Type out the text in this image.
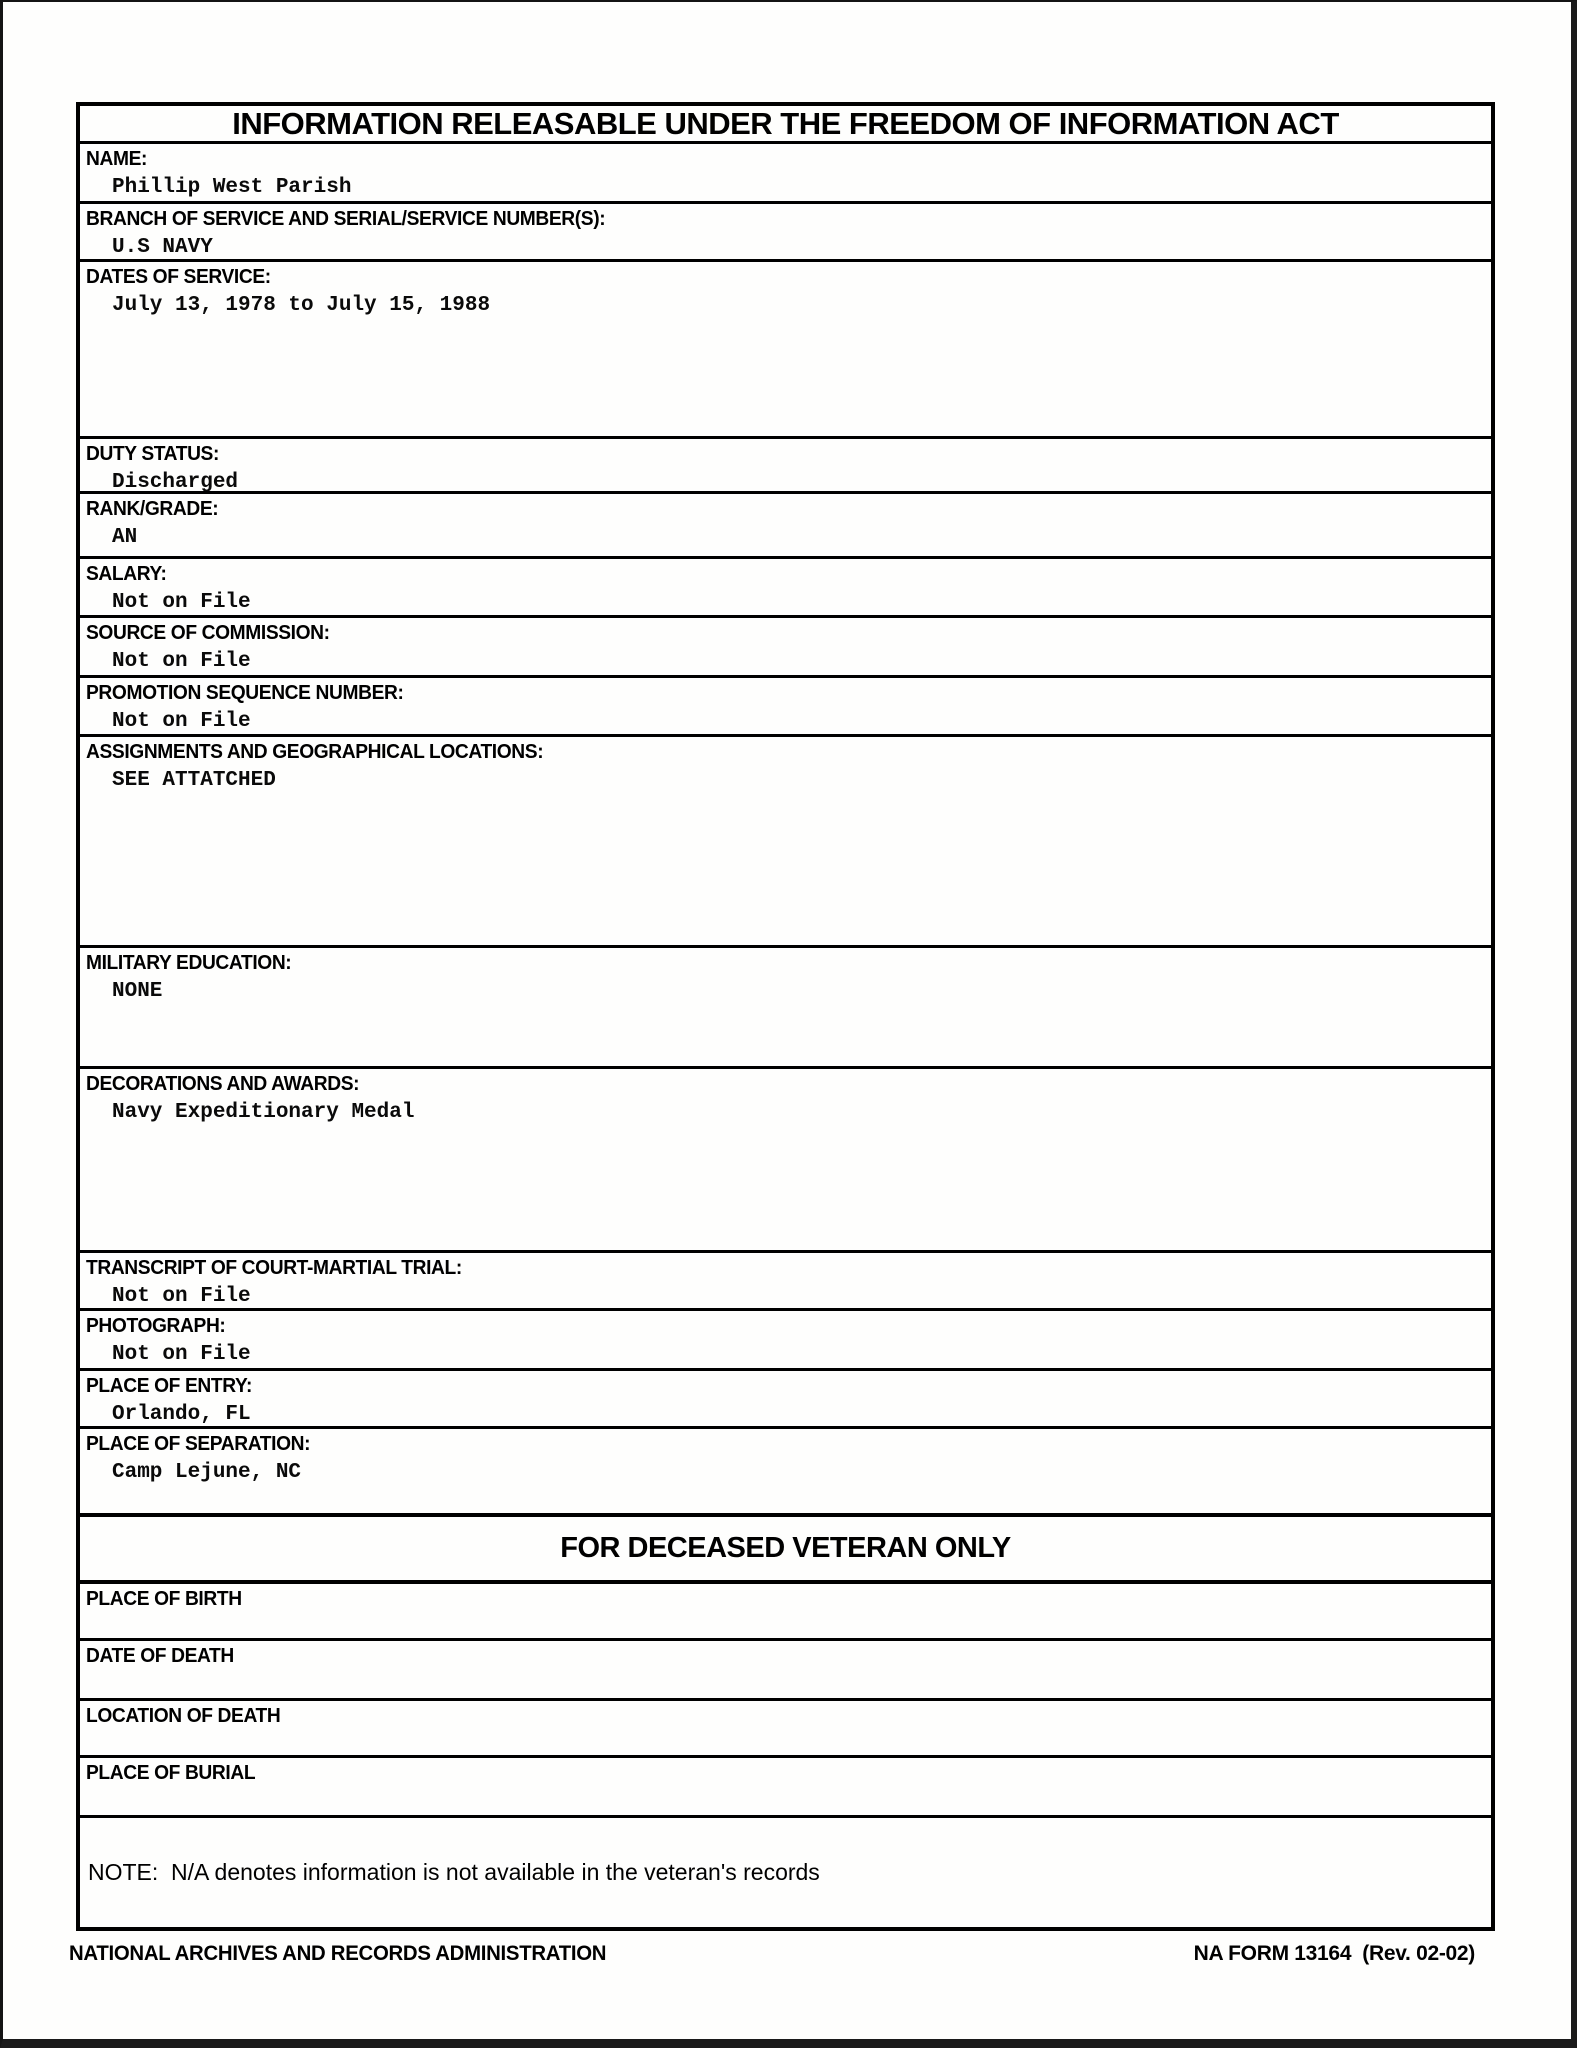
INFORMATION RELEASABLE UNDER THE FREEDOM OF INFORMATION ACT
NAME:
Phillip West Parish
BRANCH OF SERVICE AND SERIAL/SERVICE NUMBER(S):
U.S NAVY
DATES OF SERVICE:
July 13, 1978 to July 15, 1988
DUTY STATUS:
Discharged
RANK/GRADE:
AN
SALARY:
Not on File
SOURCE OF COMMISSION:
Not on File
PROMOTION SEQUENCE NUMBER:
Not on File
ASSIGNMENTS AND GEOGRAPHICAL LOCATIONS:
SEE ATTATCHED
MILITARY EDUCATION:
NONE
DECORATIONS AND AWARDS:
Navy Expeditionary Medal
TRANSCRIPT OF COURT-MARTIAL TRIAL:
Not on File
PHOTOGRAPH:
Not on File
PLACE OF ENTRY:
Orlando, FL
PLACE OF SEPARATION:
Camp Lejune, NC
FOR DECEASED VETERAN ONLY
PLACE OF BIRTH
DATE OF DEATH
LOCATION OF DEATH
PLACE OF BURIAL
NOTE:  N/A denotes information is not available in the veteran's records
NATIONAL ARCHIVES AND RECORDS ADMINISTRATION	NA FORM 13164  (Rev. 02-02)
